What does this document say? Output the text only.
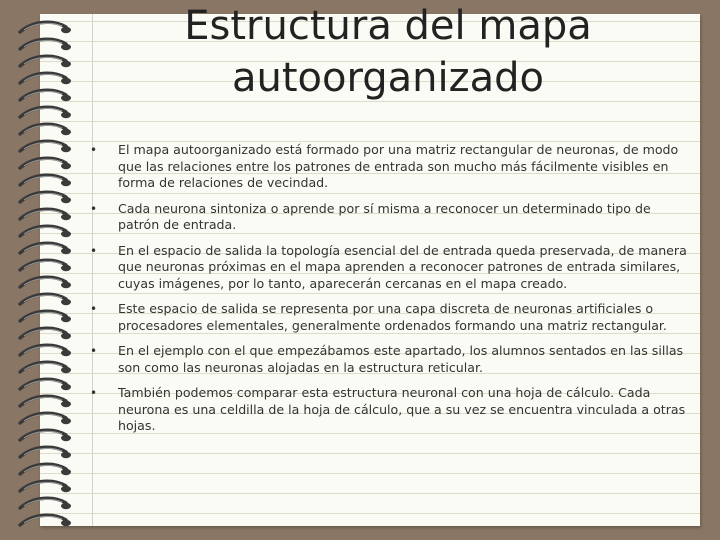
Estructura del mapa autoorganizado
• El mapa autoorganizado está formado por una matriz rectangular de neuronas, de modo que las relaciones entre los patrones de entrada son mucho más fácilmente visibles en forma de relaciones de vecindad.
• Cada neurona sintoniza o aprende por sí misma a reconocer un determinado tipo de patrón de entrada.
• En el espacio de salida la topología esencial del de entrada queda preservada, de manera que neuronas próximas en el mapa aprenden a reconocer patrones de entrada similares, cuyas imágenes, por lo tanto, aparecerán cercanas en el mapa creado.
• Este espacio de salida se representa por una capa discreta de neuronas artificiales o procesadores elementales, generalmente ordenados formando una matriz rectangular.
• En el ejemplo con el que empezábamos este apartado, los alumnos sentados en las sillas son como las neuronas alojadas en la estructura reticular.
• También podemos comparar esta estructura neuronal con una hoja de cálculo. Cada neurona es una celdilla de la hoja de cálculo, que a su vez se encuentra vinculada a otras hojas.
